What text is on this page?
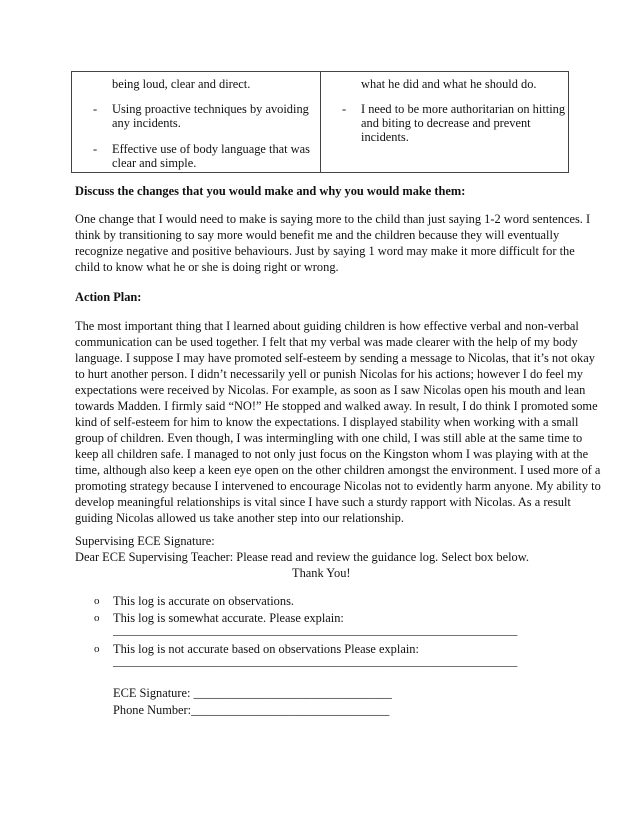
being loud, clear and direct.
- Using proactive techniques by avoiding
any incidents.
- Effective use of body language that was
clear and simple.
what he did and what he should do.
- I need to be more authoritarian on hitting
and biting to decrease and prevent
incidents.
Discuss the changes that you would make and why you would make them:
One change that I would need to make is saying more to the child than just saying 1-2 word sentences. I
think by transitioning to say more would benefit me and the children because they will eventually
recognize negative and positive behaviours. Just by saying 1 word may make it more difficult for the
child to know what he or she is doing right or wrong.
Action Plan:
The most important thing that I learned about guiding children is how effective verbal and non-verbal
communication can be used together. I felt that my verbal was made clearer with the help of my body
language. I suppose I may have promoted self-esteem by sending a message to Nicolas, that it’s not okay
to hurt another person. I didn’t necessarily yell or punish Nicolas for his actions; however I do feel my
expectations were received by Nicolas. For example, as soon as I saw Nicolas open his mouth and lean
towards Madden. I firmly said “NO!” He stopped and walked away. In result, I do think I promoted some
kind of self-esteem for him to know the expectations. I displayed stability when working with a small
group of children. Even though, I was intermingling with one child, I was still able at the same time to
keep all children safe. I managed to not only just focus on the Kingston whom I was playing with at the
time, although also keep a keen eye open on the other children amongst the environment. I used more of a
promoting strategy because I intervened to encourage Nicolas not to evidently harm anyone. My ability to
develop meaningful relationships is vital since I have such a sturdy rapport with Nicolas. As a result
guiding Nicolas allowed us take another step into our relationship.
Supervising ECE Signature:
Dear ECE Supervising Teacher: Please read and review the guidance log. Select box below.
Thank You!
o This log is accurate on observations.
o This log is somewhat accurate. Please explain:
_______________________________________________________________________
o This log is not accurate based on observations Please explain:
_______________________________________________________________________
ECE Signature: ________________________________
Phone Number:________________________________
